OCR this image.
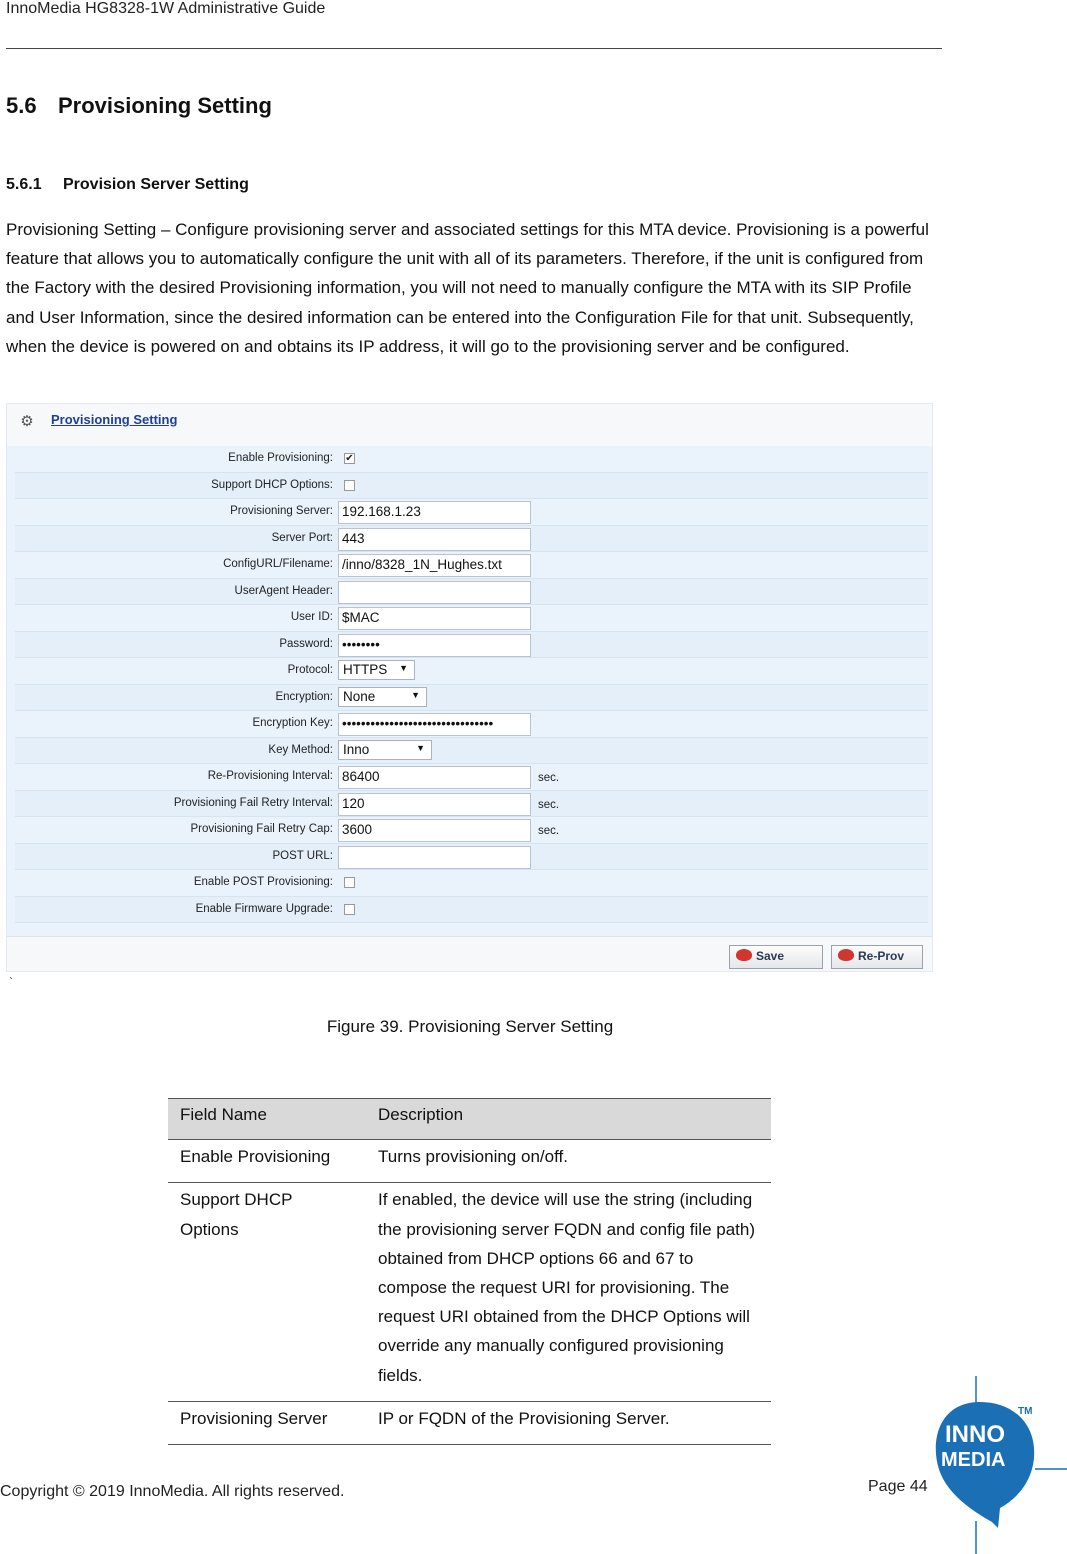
InnoMedia HG8328-1W Administrative Guide
5.6 Provisioning Setting
5.6.1 Provision Server Setting

Provisioning Setting – Configure provisioning server and associated settings for this MTA device. Provisioning is a powerful feature that allows you to automatically configure the unit with all of its parameters. Therefore, if the unit is configured from the Factory with the desired Provisioning information, you will not need to manually configure the MTA with its SIP Profile and User Information, since the desired information can be entered into the Configuration File for that unit. Subsequently, when the device is powered on and obtains its IP address, it will go to the provisioning server and be configured.

⚙ Provisioning Setting
Enable Provisioning: ✔
Support DHCP Options:
Provisioning Server: 192.168.1.23
Server Port: 443
ConfigURL/Filename: /inno/8328_1N_Hughes.txt
UserAgent Header:
User ID: $MAC
Password: ••••••••
Protocol: HTTPS ▼
Encryption: None	▼
Encryption Key: ••••••••••••••••••••••••••••••••
Key Method: Inno	▼
Re-Provisioning Interval: 86400	sec.
Provisioning Fail Retry Interval: 120	sec.
Provisioning Fail Retry Cap: 3600	sec.
POST URL:
Enable POST Provisioning:
Enable Firmware Upgrade:
Save	Re-Prov
`
Figure 39. Provisioning Server Setting
Field Name	Description
Enable Provisioning	Turns provisioning on/off.
Support DHCP Options	If enabled, the device will use the string (including the provisioning server FQDN and config file path) obtained from DHCP options 66 and 67 to compose the request URI for provisioning. The request URI obtained from the DHCP Options will override any manually configured provisioning fields.
Provisioning Server	IP or FQDN of the Provisioning Server.
Copyright © 2019 InnoMedia. All rights reserved.	Page 44
INNO
MEDIA
TM
